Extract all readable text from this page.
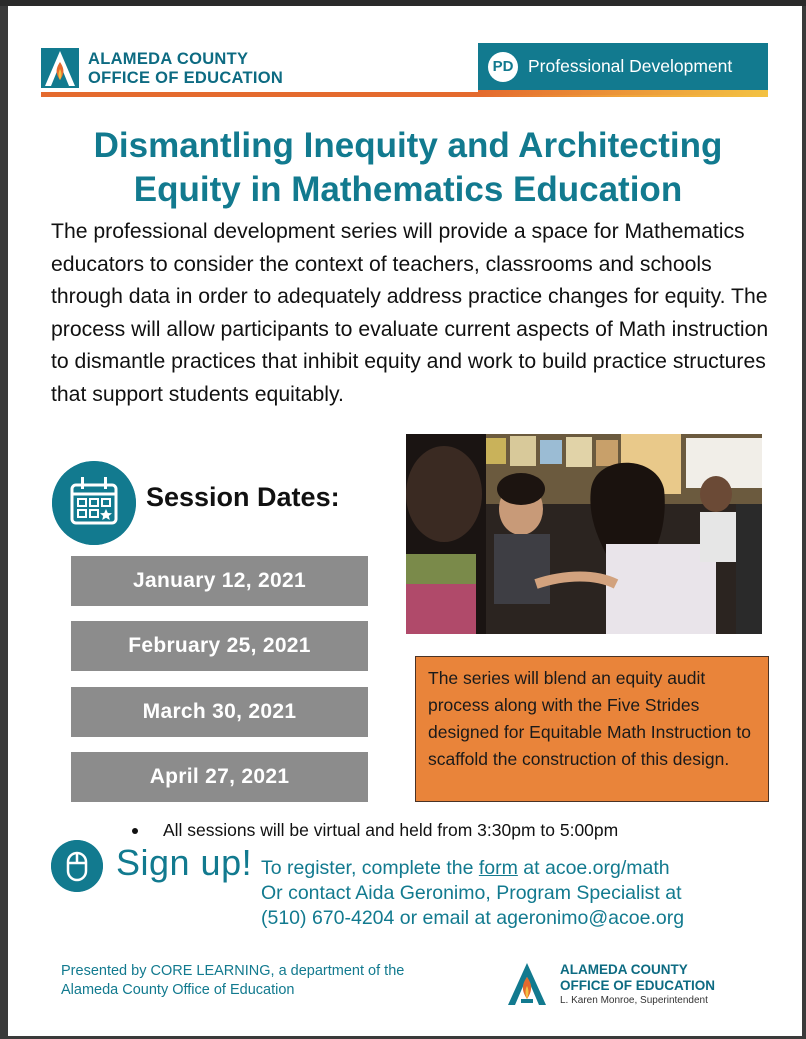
ALAMEDA COUNTY
OFFICE OF EDUCATION
PD Professional Development
Dismantling Inequity and Architecting
Equity in Mathematics Education
The professional development series will provide a space for Mathematics educators to consider the context of teachers, classrooms and schools through data in order to adequately address practice changes for equity. The process will allow participants to evaluate current aspects of Math instruction to dismantle practices that inhibit equity and work to build practice structures that support students equitably.
Session Dates:
January 12, 2021
February 25, 2021
March 30, 2021
April 27, 2021
The series will blend an equity audit process along with the Five Strides designed for Equitable Math Instruction to scaffold the construction of this design.
All sessions will be virtual and held from 3:30pm to 5:00pm
Sign up! To register, complete the form at acoe.org/math
Or contact Aida Geronimo, Program Specialist at
(510) 670-4204 or email at ageronimo@acoe.org
Presented by CORE LEARNING, a department of the
Alameda County Office of Education
ALAMEDA COUNTY
OFFICE OF EDUCATION
L. Karen Monroe, Superintendent
